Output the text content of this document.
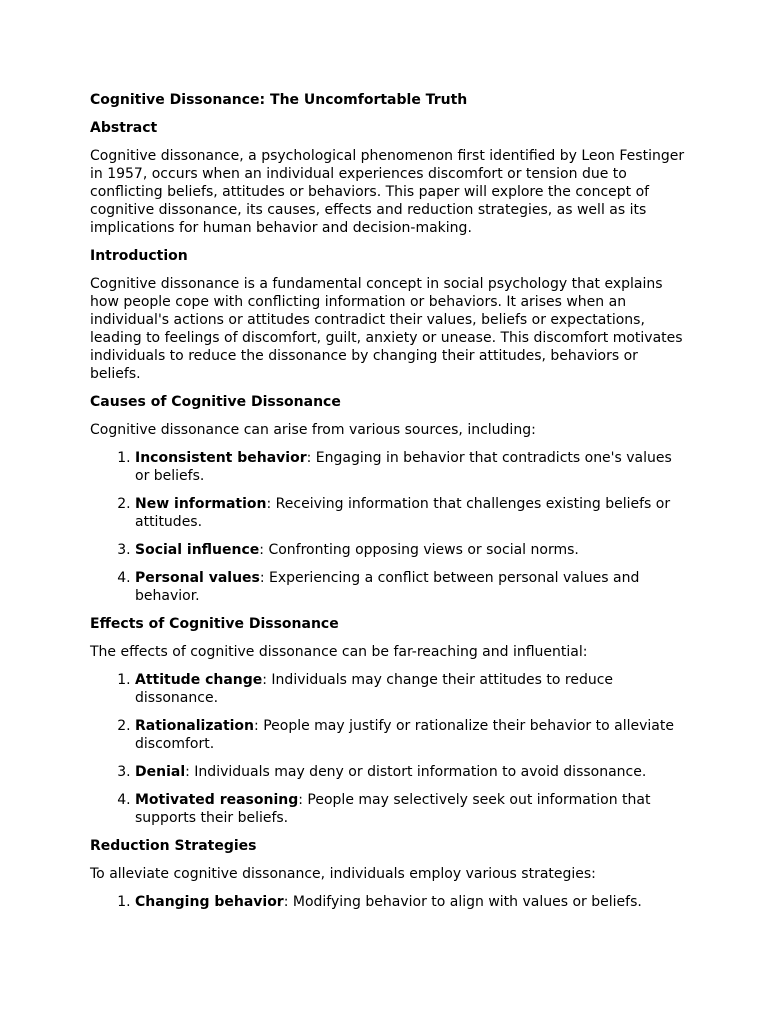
Cognitive Dissonance: The Uncomfortable Truth

Abstract

Cognitive dissonance, a psychological phenomenon first identified by Leon Festinger in 1957, occurs when an individual experiences discomfort or tension due to conflicting beliefs, attitudes or behaviors. This paper will explore the concept of cognitive dissonance, its causes, effects and reduction strategies, as well as its implications for human behavior and decision-making.

Introduction

Cognitive dissonance is a fundamental concept in social psychology that explains how people cope with conflicting information or behaviors. It arises when an individual's actions or attitudes contradict their values, beliefs or expectations, leading to feelings of discomfort, guilt, anxiety or unease. This discomfort motivates individuals to reduce the dissonance by changing their attitudes, behaviors or beliefs.

Causes of Cognitive Dissonance

Cognitive dissonance can arise from various sources, including:

1. Inconsistent behavior: Engaging in behavior that contradicts one's values or beliefs.
2. New information: Receiving information that challenges existing beliefs or attitudes.
3. Social influence: Confronting opposing views or social norms.
4. Personal values: Experiencing a conflict between personal values and behavior.

Effects of Cognitive Dissonance

The effects of cognitive dissonance can be far-reaching and influential:

1. Attitude change: Individuals may change their attitudes to reduce dissonance.
2. Rationalization: People may justify or rationalize their behavior to alleviate discomfort.
3. Denial: Individuals may deny or distort information to avoid dissonance.
4. Motivated reasoning: People may selectively seek out information that supports their beliefs.

Reduction Strategies

To alleviate cognitive dissonance, individuals employ various strategies:

1. Changing behavior: Modifying behavior to align with values or beliefs.
